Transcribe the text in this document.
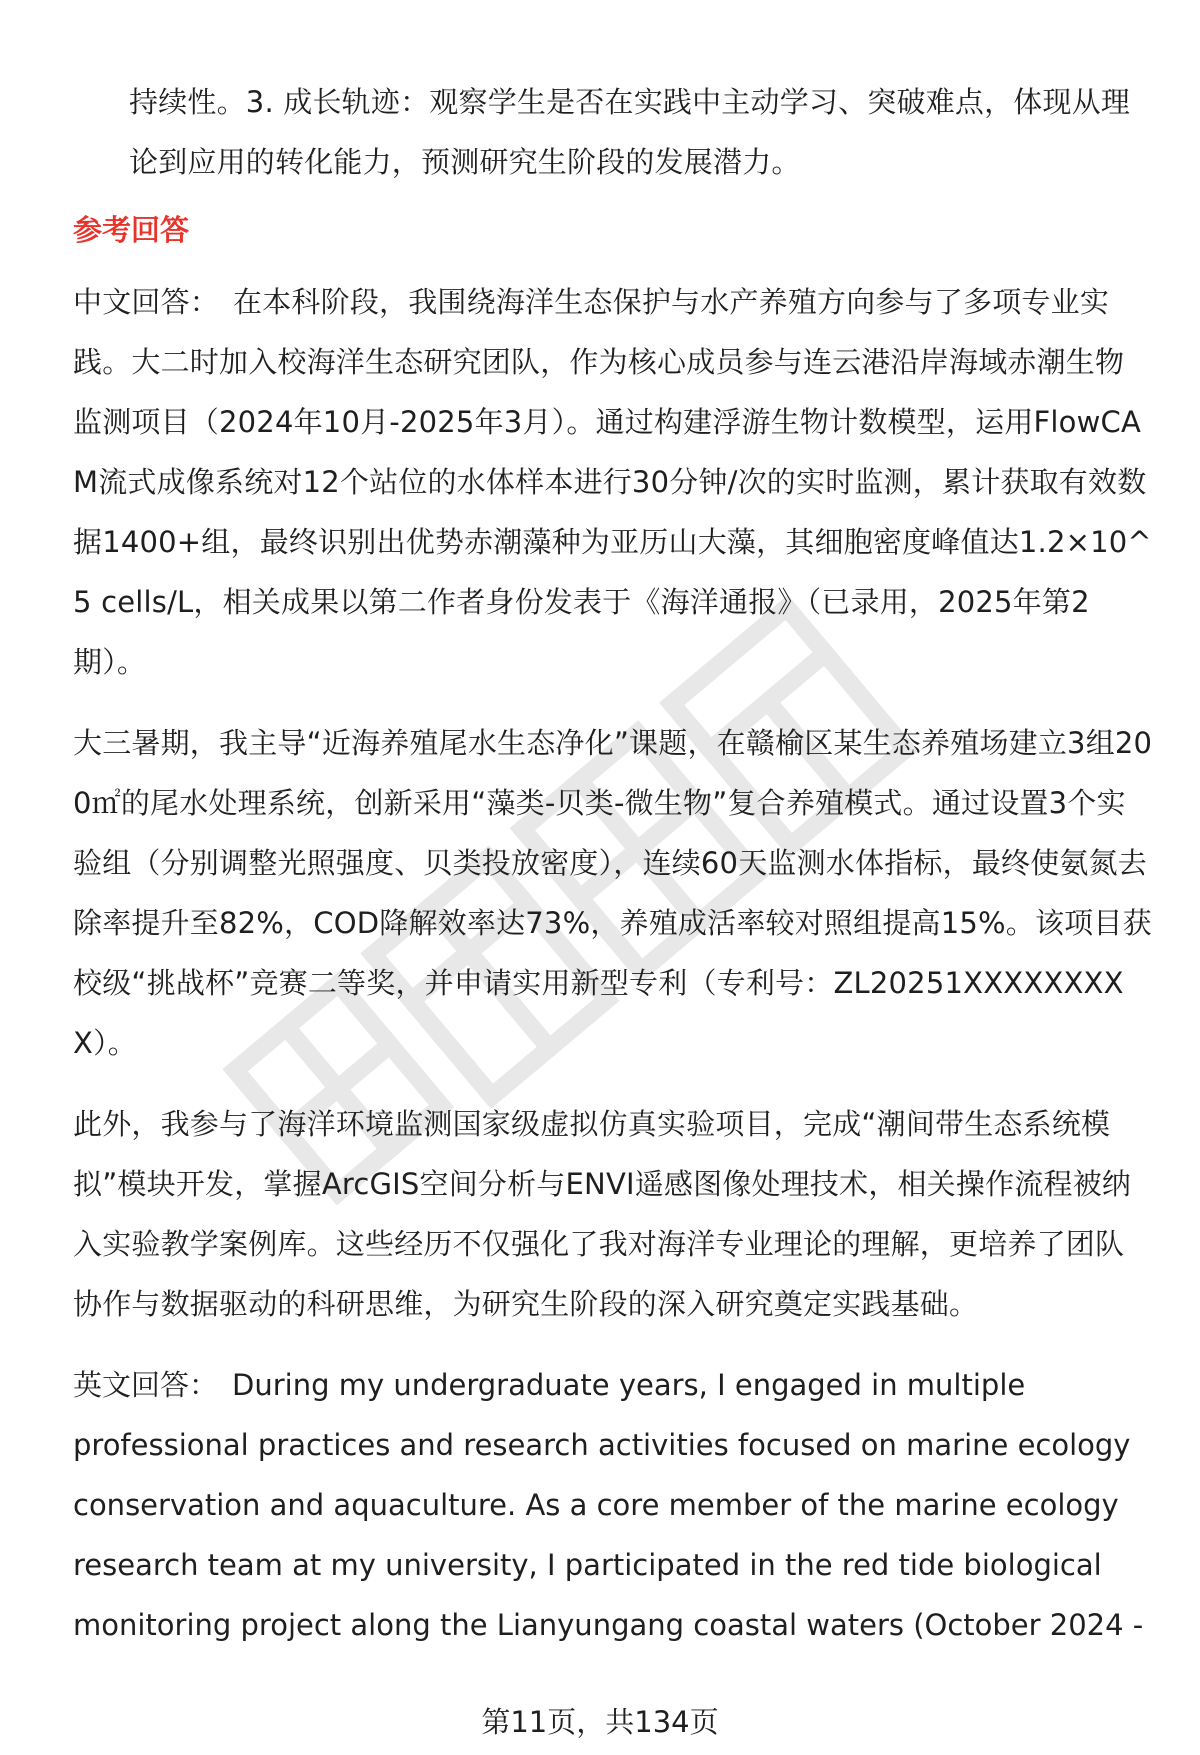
持续性。3. 成长轨迹：观察学生是否在实践中主动学习、突破难点，体现从理论到应用的转化能力，预测研究生阶段的发展潜力。

参考回答

中文回答： 在本科阶段，我围绕海洋生态保护与水产养殖方向参与了多项专业实践。大二时加入校海洋生态研究团队，作为核心成员参与连云港沿岸海域赤潮生物监测项目（2024年10月-2025年3月）。通过构建浮游生物计数模型，运用FlowCAM流式成像系统对12个站位的水体样本进行30分钟/次的实时监测，累计获取有效数据1400+组，最终识别出优势赤潮藻种为亚历山大藻，其细胞密度峰值达1.2×10^5 cells/L，相关成果以第二作者身份发表于《海洋通报》（已录用，2025年第2期）。

大三暑期，我主导“近海养殖尾水生态净化”课题，在赣榆区某生态养殖场建立3组200㎡的尾水处理系统，创新采用“藻类-贝类-微生物”复合养殖模式。通过设置3个实验组（分别调整光照强度、贝类投放密度），连续60天监测水体指标，最终使氨氮去除率提升至82%，COD降解效率达73%，养殖成活率较对照组提高15%。该项目获校级“挑战杯”竞赛二等奖，并申请实用新型专利（专利号：ZL20251XXXXXXXXX）。

此外，我参与了海洋环境监测国家级虚拟仿真实验项目，完成“潮间带生态系统模拟”模块开发，掌握ArcGIS空间分析与ENVI遥感图像处理技术，相关操作流程被纳入实验教学案例库。这些经历不仅强化了我对海洋专业理论的理解，更培养了团队协作与数据驱动的科研思维，为研究生阶段的深入研究奠定实践基础。

英文回答： During my undergraduate years, I engaged in multiple professional practices and research activities focused on marine ecology conservation and aquaculture. As a core member of the marine ecology research team at my university, I participated in the red tide biological monitoring project along the Lianyungang coastal waters (October 2024 -

第11页，共134页
